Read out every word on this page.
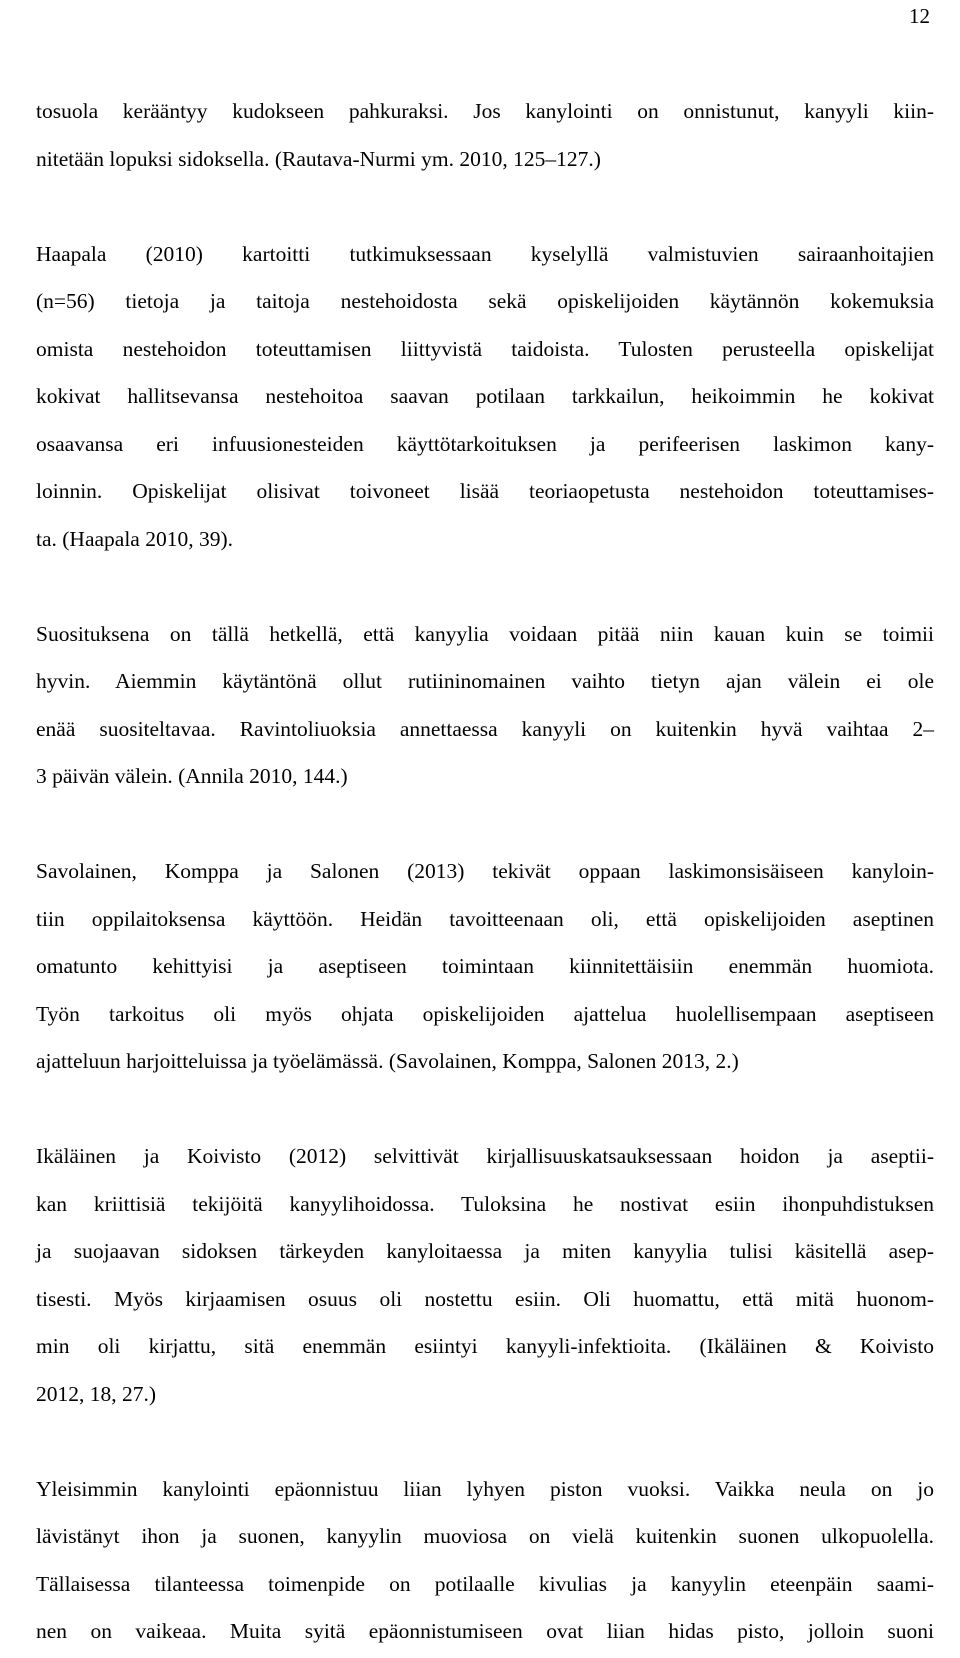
12
tosuola kerääntyy kudokseen pahkuraksi. Jos kanylointi on onnistunut, kanyyli kiin-
nitetään lopuksi sidoksella. (Rautava-Nurmi ym. 2010, 125–127.)
Haapala (2010) kartoitti tutkimuksessaan kyselyllä valmistuvien sairaanhoitajien
(n=56) tietoja ja taitoja nestehoidosta sekä opiskelijoiden käytännön kokemuksia
omista nestehoidon toteuttamisen liittyvistä taidoista. Tulosten perusteella opiskelijat
kokivat hallitsevansa nestehoitoa saavan potilaan tarkkailun, heikoimmin he kokivat
osaavansa eri infuusionesteiden käyttötarkoituksen ja perifeerisen laskimon kany-
loinnin. Opiskelijat olisivat toivoneet lisää teoriaopetusta nestehoidon toteuttamises-
ta. (Haapala 2010, 39).
Suosituksena on tällä hetkellä, että kanyylia voidaan pitää niin kauan kuin se toimii
hyvin. Aiemmin käytäntönä ollut rutiininomainen vaihto tietyn ajan välein ei ole
enää suositeltavaa. Ravintoliuoksia annettaessa kanyyli on kuitenkin hyvä vaihtaa 2–
3 päivän välein. (Annila 2010, 144.)
Savolainen, Komppa ja Salonen (2013) tekivät oppaan laskimonsisäiseen kanyloin-
tiin oppilaitoksensa käyttöön. Heidän tavoitteenaan oli, että opiskelijoiden aseptinen
omatunto kehittyisi ja aseptiseen toimintaan kiinnitettäisiin enemmän huomiota.
Työn tarkoitus oli myös ohjata opiskelijoiden ajattelua huolellisempaan aseptiseen
ajatteluun harjoitteluissa ja työelämässä. (Savolainen, Komppa, Salonen 2013, 2.)
Ikäläinen ja Koivisto (2012) selvittivät kirjallisuuskatsauksessaan hoidon ja aseptii-
kan kriittisiä tekijöitä kanyylihoidossa. Tuloksina he nostivat esiin ihonpuhdistuksen
ja suojaavan sidoksen tärkeyden kanyloitaessa ja miten kanyylia tulisi käsitellä asep-
tisesti. Myös kirjaamisen osuus oli nostettu esiin. Oli huomattu, että mitä huonom-
min oli kirjattu, sitä enemmän esiintyi kanyyli-infektioita. (Ikäläinen & Koivisto
2012, 18, 27.)
Yleisimmin kanylointi epäonnistuu liian lyhyen piston vuoksi. Vaikka neula on jo
lävistänyt ihon ja suonen, kanyylin muoviosa on vielä kuitenkin suonen ulkopuolella.
Tällaisessa tilanteessa toimenpide on potilaalle kivulias ja kanyylin eteenpäin saami-
nen on vaikeaa. Muita syitä epäonnistumiseen ovat liian hidas pisto, jolloin suoni
